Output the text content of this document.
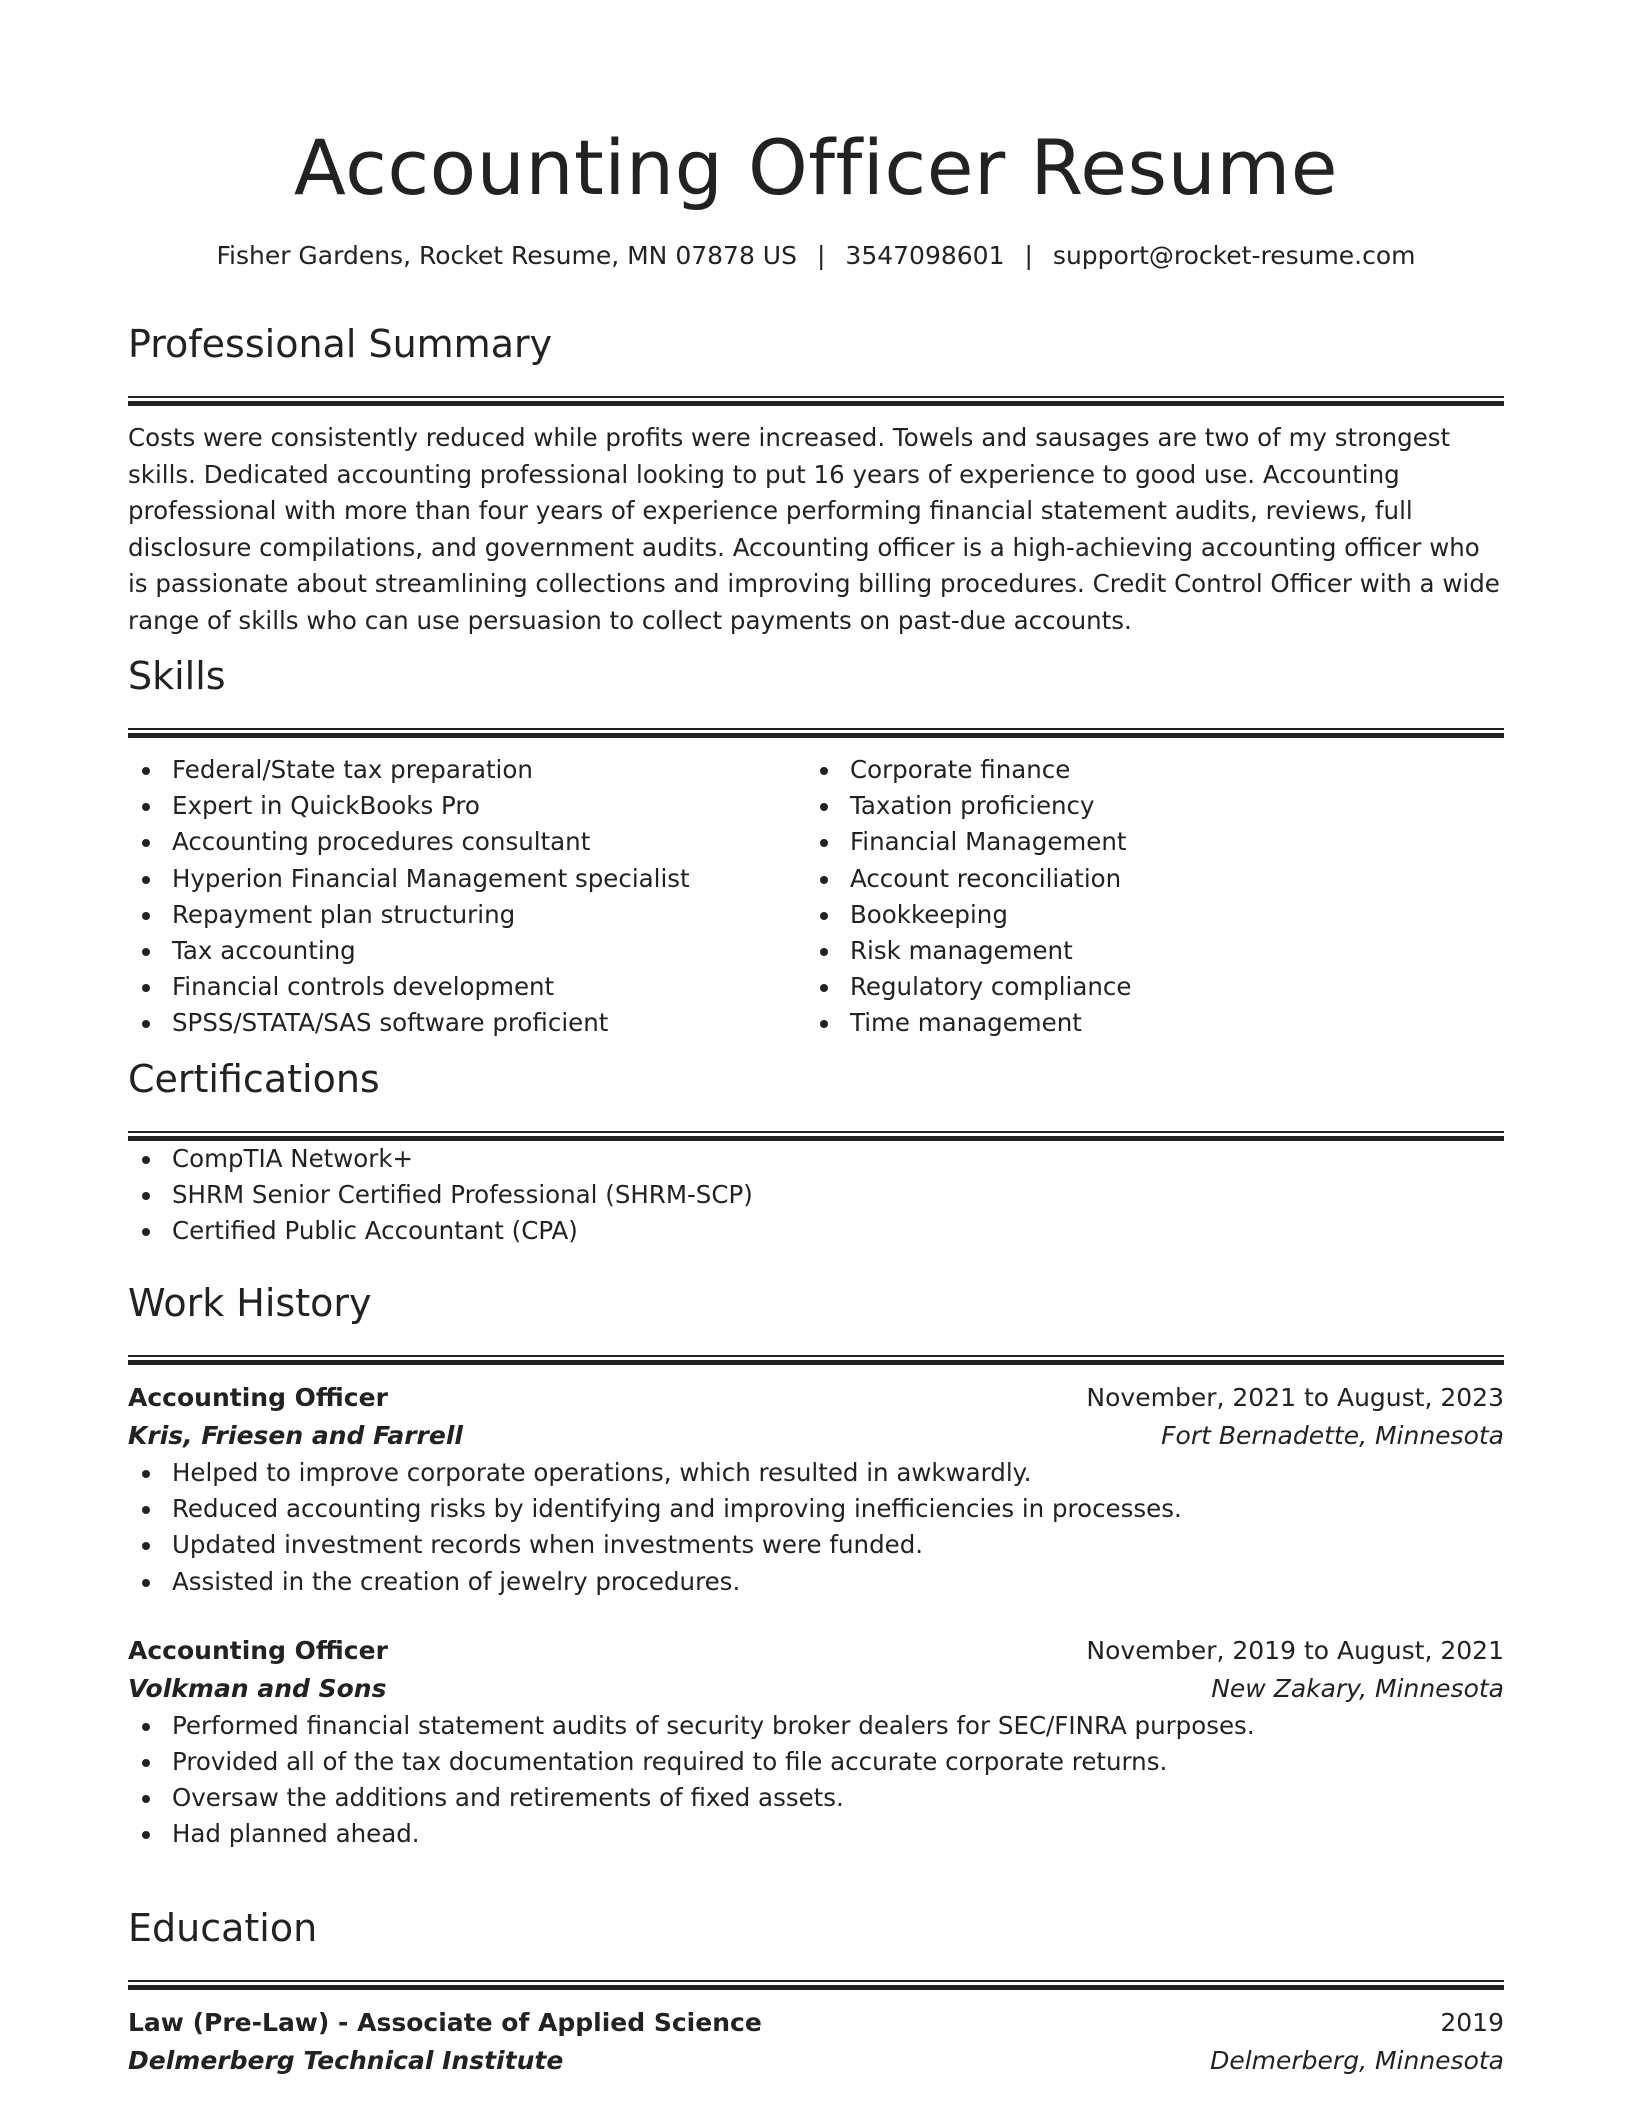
Accounting Officer Resume
Fisher Gardens, Rocket Resume, MN 07878 US | 3547098601 | support@rocket-resume.com
Professional Summary
Costs were consistently reduced while profits were increased. Towels and sausages are two of my strongest skills. Dedicated accounting professional looking to put 16 years of experience to good use. Accounting professional with more than four years of experience performing financial statement audits, reviews, full disclosure compilations, and government audits. Accounting officer is a high-achieving accounting officer who is passionate about streamlining collections and improving billing procedures. Credit Control Officer with a wide range of skills who can use persuasion to collect payments on past-due accounts.
Skills
Federal/State tax preparation
Expert in QuickBooks Pro
Accounting procedures consultant
Hyperion Financial Management specialist
Repayment plan structuring
Tax accounting
Financial controls development
SPSS/STATA/SAS software proficient
Corporate finance
Taxation proficiency
Financial Management
Account reconciliation
Bookkeeping
Risk management
Regulatory compliance
Time management
Certifications
CompTIA Network+
SHRM Senior Certified Professional (SHRM-SCP)
Certified Public Accountant (CPA)
Work History
Accounting Officer	November, 2021 to August, 2023
Kris, Friesen and Farrell	Fort Bernadette, Minnesota
Helped to improve corporate operations, which resulted in awkwardly.
Reduced accounting risks by identifying and improving inefficiencies in processes.
Updated investment records when investments were funded.
Assisted in the creation of jewelry procedures.
Accounting Officer	November, 2019 to August, 2021
Volkman and Sons	New Zakary, Minnesota
Performed financial statement audits of security broker dealers for SEC/FINRA purposes.
Provided all of the tax documentation required to file accurate corporate returns.
Oversaw the additions and retirements of fixed assets.
Had planned ahead.
Education
Law (Pre-Law) - Associate of Applied Science	2019
Delmerberg Technical Institute	Delmerberg, Minnesota
